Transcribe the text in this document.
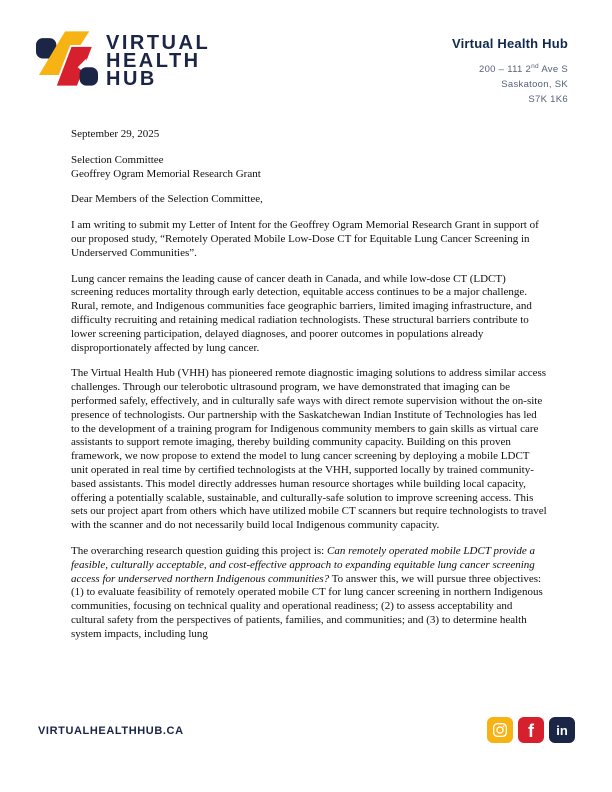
VIRTUAL
HEALTH
HUB
Virtual Health Hub
200 – 111 2nd Ave S
Saskatoon, SK
S7K 1K6

September 29, 2025

Selection Committee
Geoffrey Ogram Memorial Research Grant

Dear Members of the Selection Committee,

I am writing to submit my Letter of Intent for the Geoffrey Ogram Memorial Research Grant in support of our proposed study, “Remotely Operated Mobile Low-Dose CT for Equitable Lung Cancer Screening in Underserved Communities”.

Lung cancer remains the leading cause of cancer death in Canada, and while low-dose CT (LDCT) screening reduces mortality through early detection, equitable access continues to be a major challenge. Rural, remote, and Indigenous communities face geographic barriers, limited imaging infrastructure, and difficulty recruiting and retaining medical radiation technologists. These structural barriers contribute to lower screening participation, delayed diagnoses, and poorer outcomes in populations already disproportionately affected by lung cancer.

The Virtual Health Hub (VHH) has pioneered remote diagnostic imaging solutions to address similar access challenges. Through our telerobotic ultrasound program, we have demonstrated that imaging can be performed safely, effectively, and in culturally safe ways with direct remote supervision without the on-site presence of technologists. Our partnership with the Saskatchewan Indian Institute of Technologies has led to the development of a training program for Indigenous community members to gain skills as virtual care assistants to support remote imaging, thereby building community capacity. Building on this proven framework, we now propose to extend the model to lung cancer screening by deploying a mobile LDCT unit operated in real time by certified technologists at the VHH, supported locally by trained community-based assistants. This model directly addresses human resource shortages while building local capacity, offering a potentially scalable, sustainable, and culturally-safe solution to improve screening access. This sets our project apart from others which have utilized mobile CT scanners but require technologists to travel with the scanner and do not necessarily build local Indigenous community capacity.

The overarching research question guiding this project is: Can remotely operated mobile LDCT provide a feasible, culturally acceptable, and cost-effective approach to expanding equitable lung cancer screening access for underserved northern Indigenous communities? To answer this, we will pursue three objectives: (1) to evaluate feasibility of remotely operated mobile CT for lung cancer screening in northern Indigenous communities, focusing on technical quality and operational readiness; (2) to assess acceptability and cultural safety from the perspectives of patients, families, and communities; and (3) to determine health system impacts, including lung

VIRTUALHEALTHHUB.CA	f in
